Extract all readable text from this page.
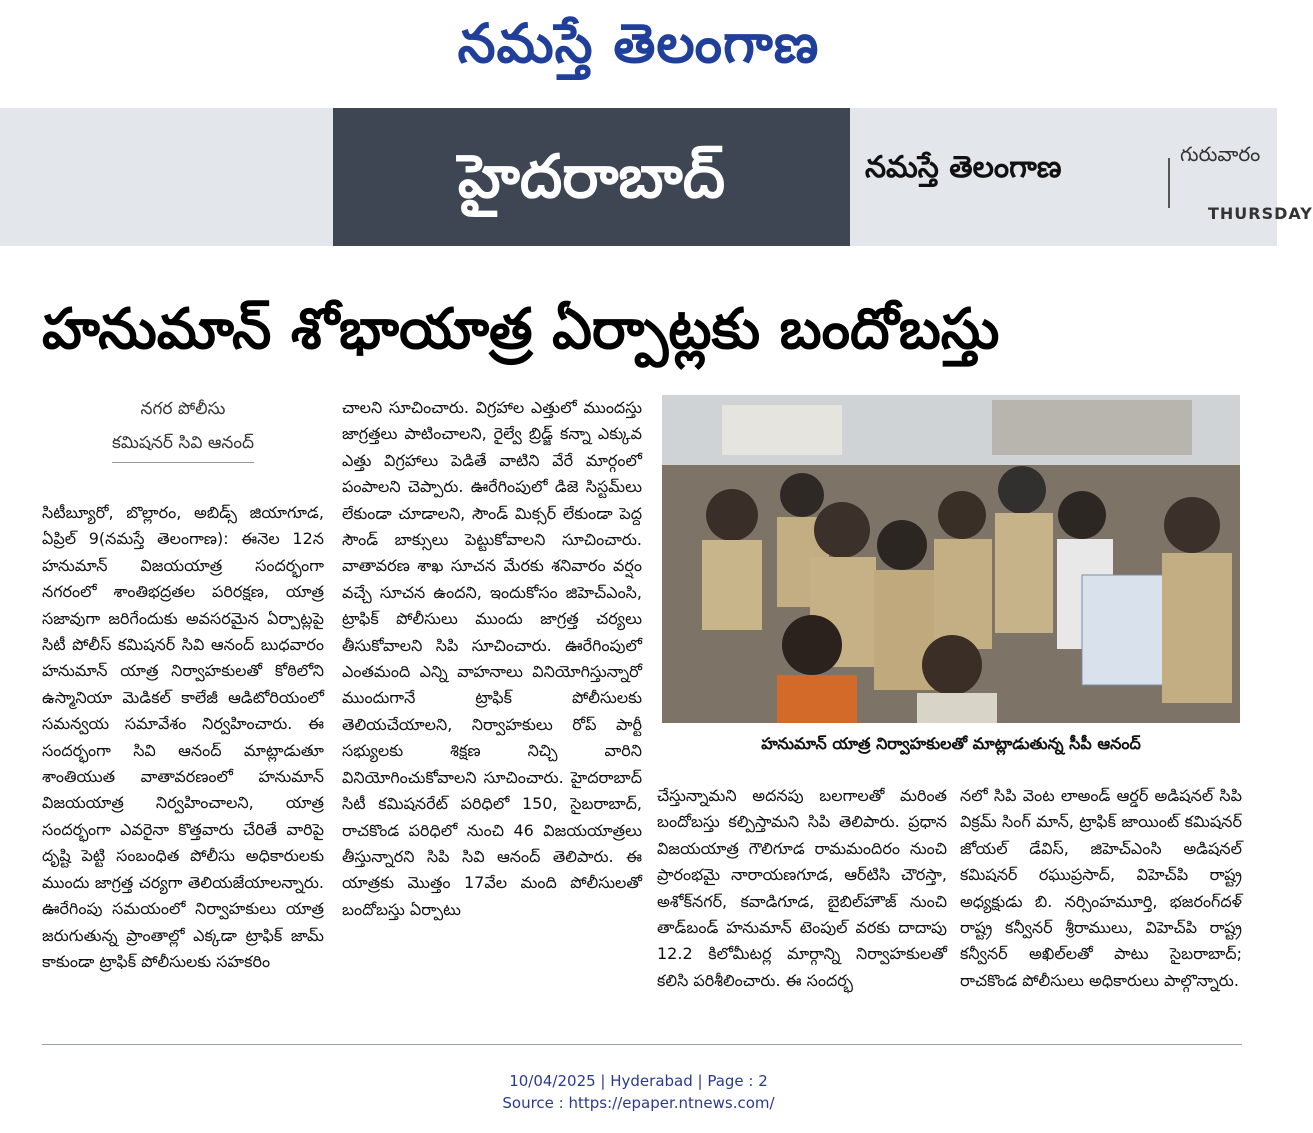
నమస్తే తెలంగాణ
హైదరాబాద్	నమస్తే తెలంగాణ	గురువారం
THURSDAY
హనుమాన్ శోభాయాత్ర ఏర్పాట్లకు బందోబస్తు
నగర పోలీసు
కమిషనర్ సివి ఆనంద్
సిటీబ్యూరో, బొల్లారం, అబిడ్స్ జియాగూడ, ఏప్రిల్ 9(నమస్తే తెలంగాణ): ఈనెల 12న హనుమాన్ విజయయాత్ర సందర్భంగా నగరంలో శాంతిభద్రతల పరిరక్షణ, యాత్ర సజావుగా జరిగేందుకు అవసరమైన ఏర్పాట్లపై సిటీ పోలీస్ కమిషనర్ సివి ఆనంద్ బుధవారం హనుమాన్ యాత్ర నిర్వాహకులతో కోఠిలోని ఉస్మానియా మెడికల్ కాలేజీ ఆడిటోరియంలో సమన్వయ సమావేశం నిర్వహించారు. ఈ సందర్భంగా సివి ఆనంద్ మాట్లాడుతూ శాంతియుత వాతావరణంలో హనుమాన్ విజయయాత్ర నిర్వహించాలని, యాత్ర సందర్భంగా ఎవరైనా కొత్తవారు చేరితే వారిపై దృష్టి పెట్టి సంబంధిత పోలీసు అధికారులకు ముందు జాగ్రత్త చర్యగా తెలియజేయాలన్నారు. ఊరేగింపు సమయంలో నిర్వాహకులు యాత్ర జరుగుతున్న ప్రాంతాల్లో ఎక్కడా ట్రాఫిక్ జామ్ కాకుండా ట్రాఫిక్ పోలీసులకు సహకరిం
చాలని సూచించారు. విగ్రహాల ఎత్తులో ముందస్తు జాగ్రత్తలు పాటించాలని, రైల్వే బ్రిడ్జ్ కన్నా ఎక్కువ ఎత్తు విగ్రహాలు పెడితే వాటిని వేరే మార్గంలో పంపాలని చెప్పారు. ఊరేగింపులో డిజె సిస్టమ్‌లు లేకుండా చూడాలని, సౌండ్ మిక్సర్ లేకుండా పెద్ద సౌండ్ బాక్సులు పెట్టుకోవాలని సూచించారు. వాతావరణ శాఖ సూచన మేరకు శనివారం వర్షం వచ్చే సూచన ఉందని, ఇందుకోసం జిహెచ్ఎంసి, ట్రాఫిక్ పోలీసులు ముందు జాగ్రత్త చర్యలు తీసుకోవాలని సిపి సూచించారు. ఊరేగింపులో ఎంతమంది ఎన్ని వాహనాలు వినియోగిస్తున్నారో ముందుగానే ట్రాఫిక్ పోలీసులకు తెలియచేయాలని, నిర్వాహకులు రోప్ పార్టీ సభ్యులకు శిక్షణ నిచ్చి వారిని వినియోగించుకోవాలని సూచించారు. హైదరాబాద్ సిటీ కమిషనరేట్ పరిధిలో 150, సైబరాబాద్, రాచకొండ పరిధిలో నుంచి 46 విజయయాత్రలు తీస్తున్నారని సిపి సివి ఆనంద్ తెలిపారు. ఈ యాత్రకు మొత్తం 17వేల మంది పోలీసులతో బందోబస్తు ఏర్పాటు
హనుమాన్ యాత్ర నిర్వాహకులతో మాట్లాడుతున్న సీపీ ఆనంద్
చేస్తున్నామని అదనపు బలగాలతో మరింత బందోబస్తు కల్పిస్తామని సిపి తెలిపారు. ప్రధాన విజయయాత్ర గౌలిగూడ రామమందిరం నుంచి ప్రారంభమై నారాయణగూడ, ఆర్‌టిసి చౌరస్తా, అశోక్‌నగర్, కవాడిగూడ, బైబిల్‌హౌజ్ నుంచి తాడ్‌బండ్ హనుమాన్ టెంపుల్ వరకు దాదాపు 12.2 కిలోమీటర్ల మార్గాన్ని నిర్వాహకులతో కలిసి పరిశీలించారు. ఈ సందర్భ
నలో సిపి వెంట లాఅండ్ ఆర్డర్ అడిషనల్ సిపి విక్రమ్ సింగ్ మాన్, ట్రాఫిక్ జాయింట్ కమిషనర్ జోయల్ డేవిస్, జిహెచ్ఎంసి అడిషనల్ కమిషనర్ రఘుప్రసాద్, విహెచ్‌పి రాష్ట్ర అధ్యక్షుడు బి. నర్సింహమూర్తి, భజరంగ్‌దళ్ రాష్ట్ర కన్వీనర్ శ్రీరాములు, విహెచ్‌పి రాష్ట్ర కన్వీనర్ అఖిల్‌లతో పాటు సైబరాబాద్; రాచకొండ పోలీసులు అధికారులు పాల్గొన్నారు.
10/04/2025 | Hyderabad | Page : 2
Source : https://epaper.ntnews.com/
